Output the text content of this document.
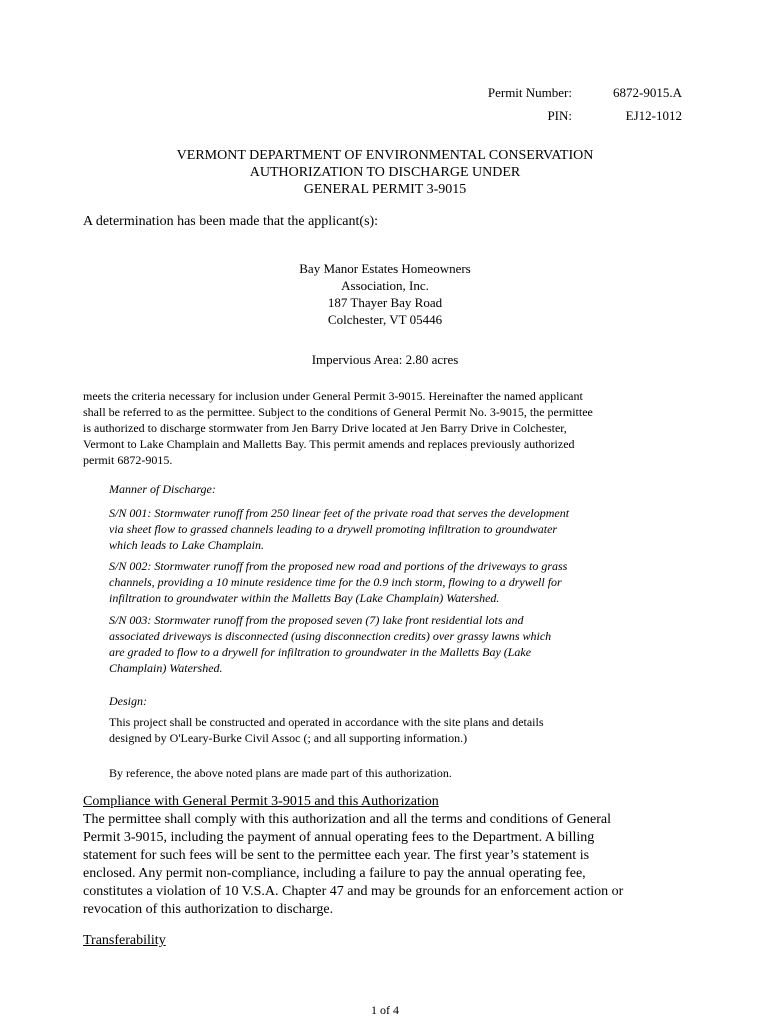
Permit Number:	6872-9015.A
PIN:	EJ12-1012
VERMONT DEPARTMENT OF ENVIRONMENTAL CONSERVATION
AUTHORIZATION TO DISCHARGE UNDER
GENERAL PERMIT 3-9015
A determination has been made that the applicant(s):
Bay Manor Estates Homeowners
Association, Inc.
187 Thayer Bay Road
Colchester, VT 05446
Impervious Area: 2.80 acres
meets the criteria necessary for inclusion under General Permit 3-9015. Hereinafter the named applicant
shall be referred to as the permittee. Subject to the conditions of General Permit No. 3-9015, the permittee
is authorized to discharge stormwater from Jen Barry Drive located at Jen Barry Drive in Colchester,
Vermont to Lake Champlain and Malletts Bay. This permit amends and replaces previously authorized
permit 6872-9015.
Manner of Discharge:
S/N 001: Stormwater runoff from 250 linear feet of the private road that serves the development
via sheet flow to grassed channels leading to a drywell promoting infiltration to groundwater
which leads to Lake Champlain.
S/N 002: Stormwater runoff from the proposed new road and portions of the driveways to grass
channels, providing a 10 minute residence time for the 0.9 inch storm, flowing to a drywell for
infiltration to groundwater within the Malletts Bay (Lake Champlain) Watershed.
S/N 003: Stormwater runoff from the proposed seven (7) lake front residential lots and
associated driveways is disconnected (using disconnection credits) over grassy lawns which
are graded to flow to a drywell for infiltration to groundwater in the Malletts Bay (Lake
Champlain) Watershed.
Design:
This project shall be constructed and operated in accordance with the site plans and details
designed by O'Leary-Burke Civil Assoc (; and all supporting information.)
By reference, the above noted plans are made part of this authorization.
Compliance with General Permit 3-9015 and this Authorization
The permittee shall comply with this authorization and all the terms and conditions of General
Permit 3-9015, including the payment of annual operating fees to the Department. A billing
statement for such fees will be sent to the permittee each year. The first year’s statement is
enclosed. Any permit non-compliance, including a failure to pay the annual operating fee,
constitutes a violation of 10 V.S.A. Chapter 47 and may be grounds for an enforcement action or
revocation of this authorization to discharge.
Transferability
1 of 4
